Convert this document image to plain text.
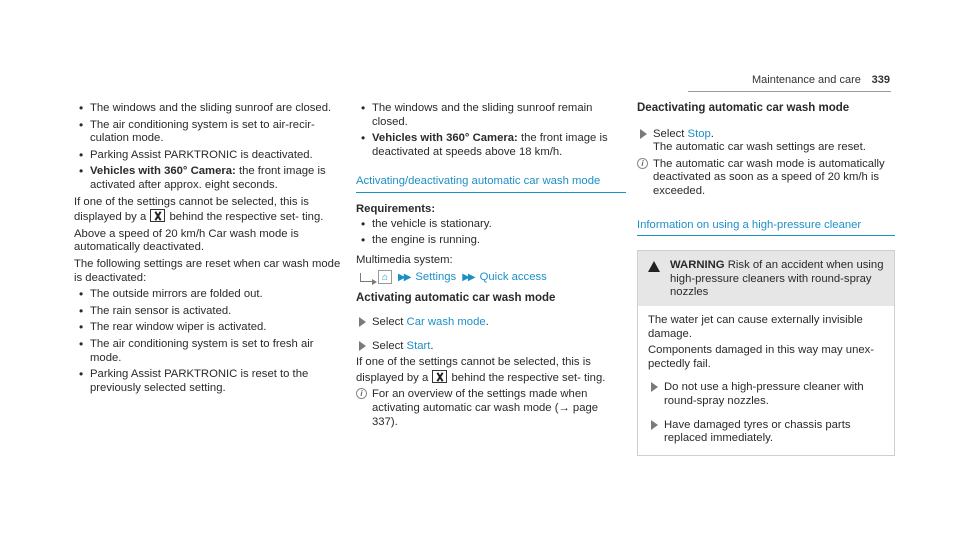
Maintenance and care 339
• The windows and the sliding sunroof are closed.
• The air conditioning system is set to air-recir- culation mode.
• Parking Assist PARKTRONIC is deactivated.
• Vehicles with 360° Camera: the front image is activated after approx. eight seconds.
If one of the settings cannot be selected, this is displayed by a behind the respective set- ting.
Above a speed of 20 km/h Car wash mode is automatically deactivated.
The following settings are reset when car wash mode is deactivated:
• The outside mirrors are folded out.
• The rain sensor is activated.
• The rear window wiper is activated.
• The air conditioning system is set to fresh air mode.
• Parking Assist PARKTRONIC is reset to the previously selected setting.
• The windows and the sliding sunroof remain closed.
• Vehicles with 360° Camera: the front image is deactivated at speeds above 18 km/h.
Activating/deactivating automatic car wash mode
Requirements:
• the vehicle is stationary.
• the engine is running.
Multimedia system:
⌂ ▶▶ Settings ▶▶ Quick access
Activating automatic car wash mode
Select Car wash mode.
Select Start.
If one of the settings cannot be selected, this is displayed by a behind the respective set- ting.
i For an overview of the settings made when activating automatic car wash mode (→ page 337).
Deactivating automatic car wash mode
Select Stop.
The automatic car wash settings are reset.
i The automatic car wash mode is automatically deactivated as soon as a speed of 20 km/h is exceeded.
Information on using a high-pressure cleaner
WARNING Risk of an accident when using high-pressure cleaners with round-spray nozzles
The water jet can cause externally invisible damage.
Components damaged in this way may unex- pectedly fail.
Do not use a high-pressure cleaner with round-spray nozzles.
Have damaged tyres or chassis parts replaced immediately.
